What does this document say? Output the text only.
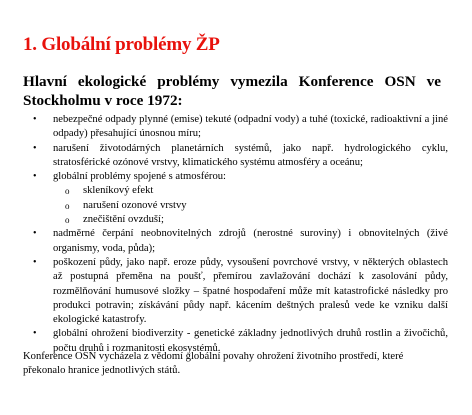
1. Globální problémy ŽP
Hlavní ekologické problémy vymezila Konference OSN ve Stockholmu v roce 1972:
• nebezpečné odpady plynné (emise) tekuté (odpadní vody) a tuhé (toxické, radioaktivní a jiné odpady) přesahující únosnou míru;
• narušení životodárných planetárních systémů, jako např. hydrologického cyklu, stratosférické ozónové vrstvy, klimatického systému atmosféry a oceánu;
• globální problémy spojené s atmosférou:
o skleníkový efekt
o narušení ozonové vrstvy
o znečištění ovzduší;
• nadměrné čerpání neobnovitelných zdrojů (nerostné suroviny) i obnovitelných (živé organismy, voda, půda);
• poškození půdy, jako např. eroze půdy, vysoušení povrchové vrstvy, v některých oblastech až postupná přeměna na poušť, přemírou zavlažování dochází k zasolování půdy, rozmělňování humusové složky – špatné hospodaření může mít katastrofické následky pro produkci potravin; získávání půdy např. kácením deštných pralesů vede ke vzniku další ekologické katastrofy.
• globální ohrožení biodiverzity - genetické základny jednotlivých druhů rostlin a živočichů, počtu druhů i rozmanitosti ekosystémů.

Konference OSN vycházela z vědomí globální povahy ohrožení životního prostředí, které překonalo hranice jednotlivých států.
